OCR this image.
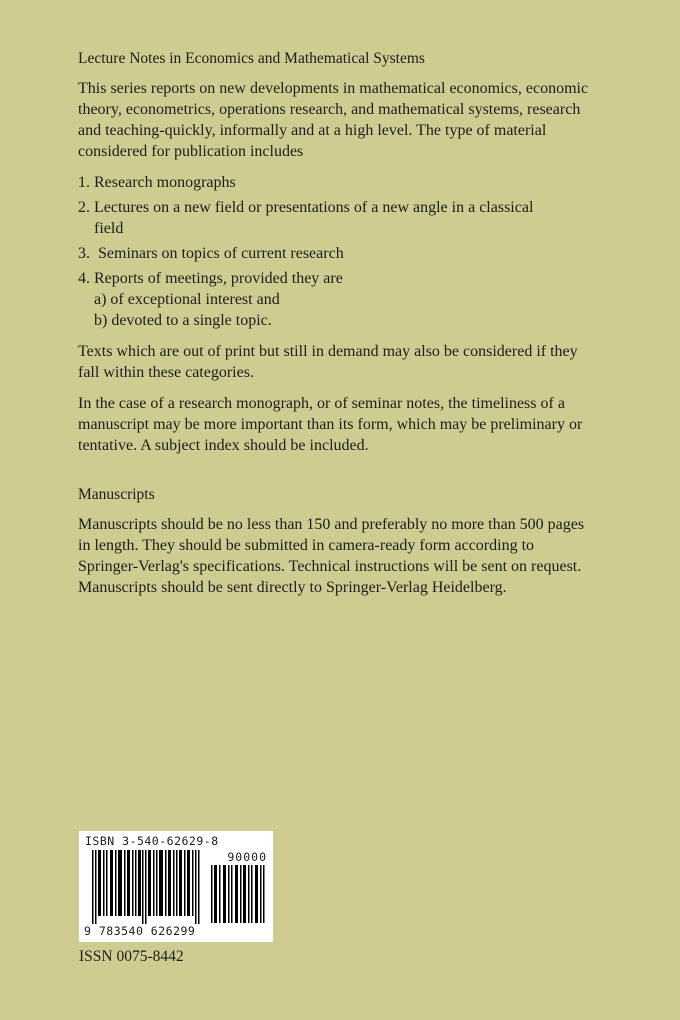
Lecture Notes in Economics and Mathematical Systems

This series reports on new developments in mathematical economics, economic theory, econometrics, operations research, and mathematical systems, research and teaching-quickly, informally and at a high level. The type of material considered for publication includes

1. Research monographs
2. Lectures on a new field or presentations of a new angle in a classical
field
3. Seminars on topics of current research
4. Reports of meetings, provided they are
a) of exceptional interest and
b) devoted to a single topic.

Texts which are out of print but still in demand may also be considered if they fall within these categories.

In the case of a research monograph, or of seminar notes, the timeliness of a manuscript may be more important than its form, which may be preliminary or tentative. A subject index should be included.

Manuscripts

Manuscripts should be no less than 150 and preferably no more than 500 pages in length. They should be submitted in camera-ready form according to Springer-Verlag's specifications. Technical instructions will be sent on request. Manuscripts should be sent directly to Springer-Verlag Heidelberg.

ISBN 3-540-62629-8
90000
9 783540 626299
ISSN 0075-8442
